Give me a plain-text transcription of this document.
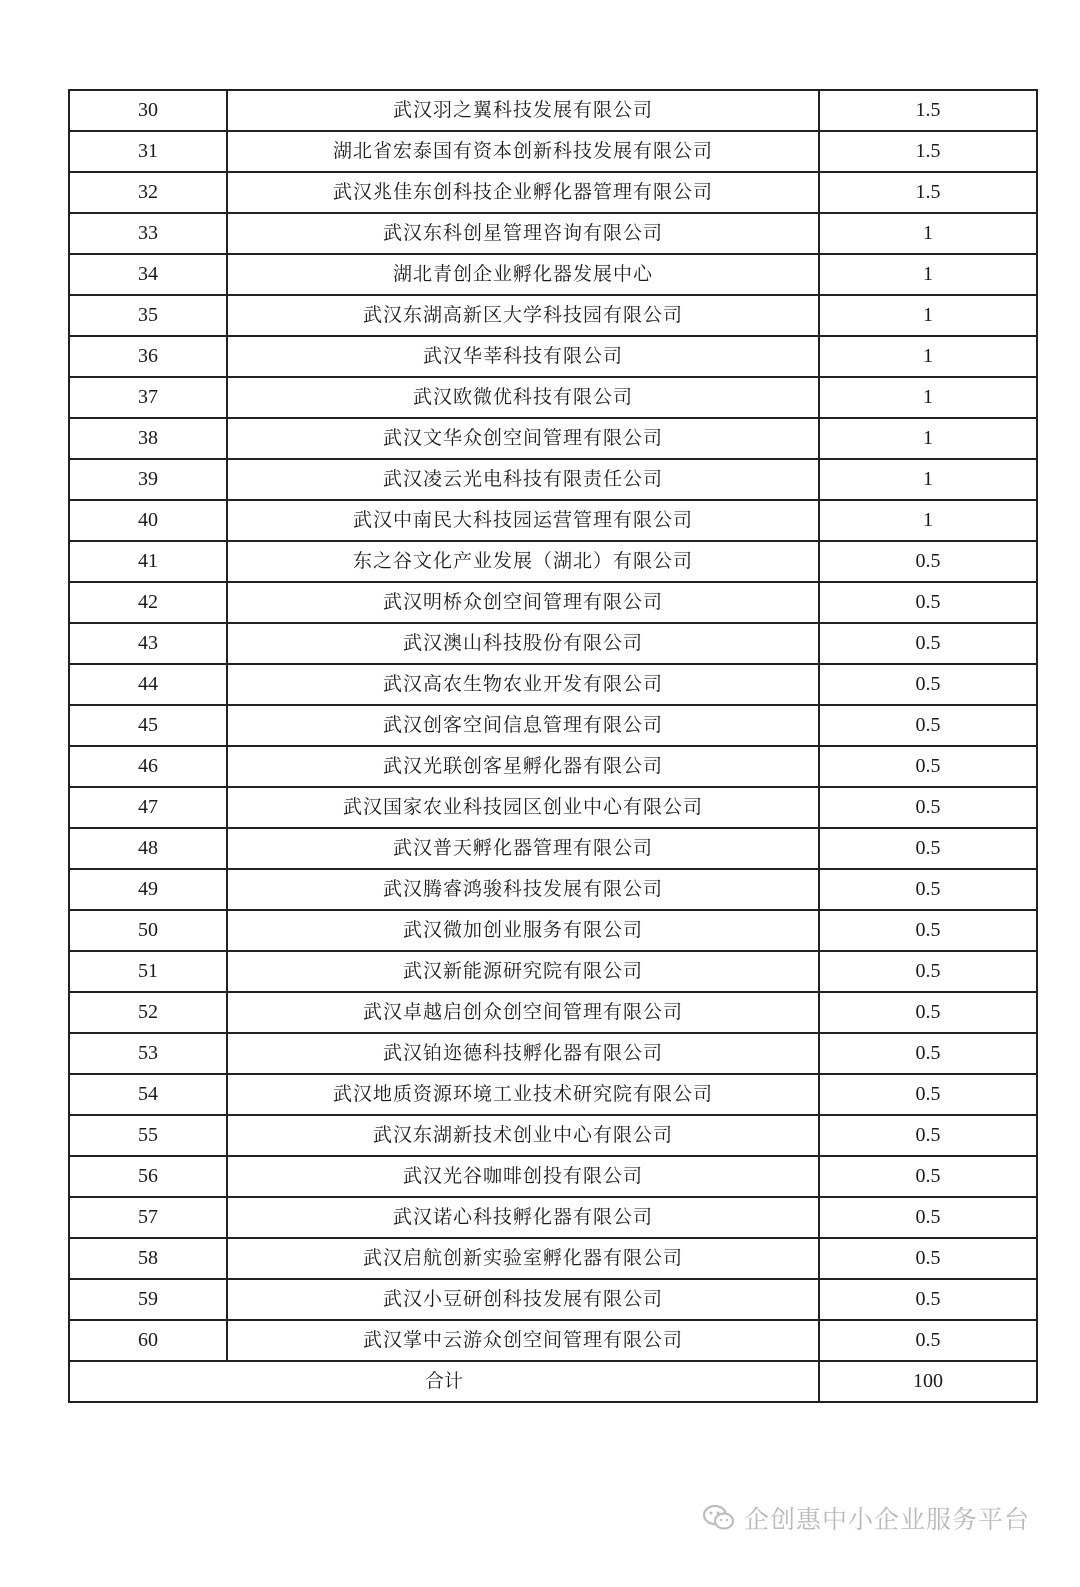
30	武汉羽之翼科技发展有限公司	1.5
31	湖北省宏泰国有资本创新科技发展有限公司	1.5
32	武汉兆佳东创科技企业孵化器管理有限公司	1.5
33	武汉东科创星管理咨询有限公司	1
34	湖北青创企业孵化器发展中心	1
35	武汉东湖高新区大学科技园有限公司	1
36	武汉华莘科技有限公司	1
37	武汉欧微优科技有限公司	1
38	武汉文华众创空间管理有限公司	1
39	武汉凌云光电科技有限责任公司	1
40	武汉中南民大科技园运营管理有限公司	1
41	东之谷文化产业发展（湖北）有限公司	0.5
42	武汉明桥众创空间管理有限公司	0.5
43	武汉澳山科技股份有限公司	0.5
44	武汉高农生物农业开发有限公司	0.5
45	武汉创客空间信息管理有限公司	0.5
46	武汉光联创客星孵化器有限公司	0.5
47	武汉国家农业科技园区创业中心有限公司	0.5
48	武汉普天孵化器管理有限公司	0.5
49	武汉腾睿鸿骏科技发展有限公司	0.5
50	武汉微加创业服务有限公司	0.5
51	武汉新能源研究院有限公司	0.5
52	武汉卓越启创众创空间管理有限公司	0.5
53	武汉铂迩德科技孵化器有限公司	0.5
54	武汉地质资源环境工业技术研究院有限公司	0.5
55	武汉东湖新技术创业中心有限公司	0.5
56	武汉光谷咖啡创投有限公司	0.5
57	武汉诺心科技孵化器有限公司	0.5
58	武汉启航创新实验室孵化器有限公司	0.5
59	武汉小豆研创科技发展有限公司	0.5
60	武汉掌中云游众创空间管理有限公司	0.5
合计		100
企创惠中小企业服务平台
